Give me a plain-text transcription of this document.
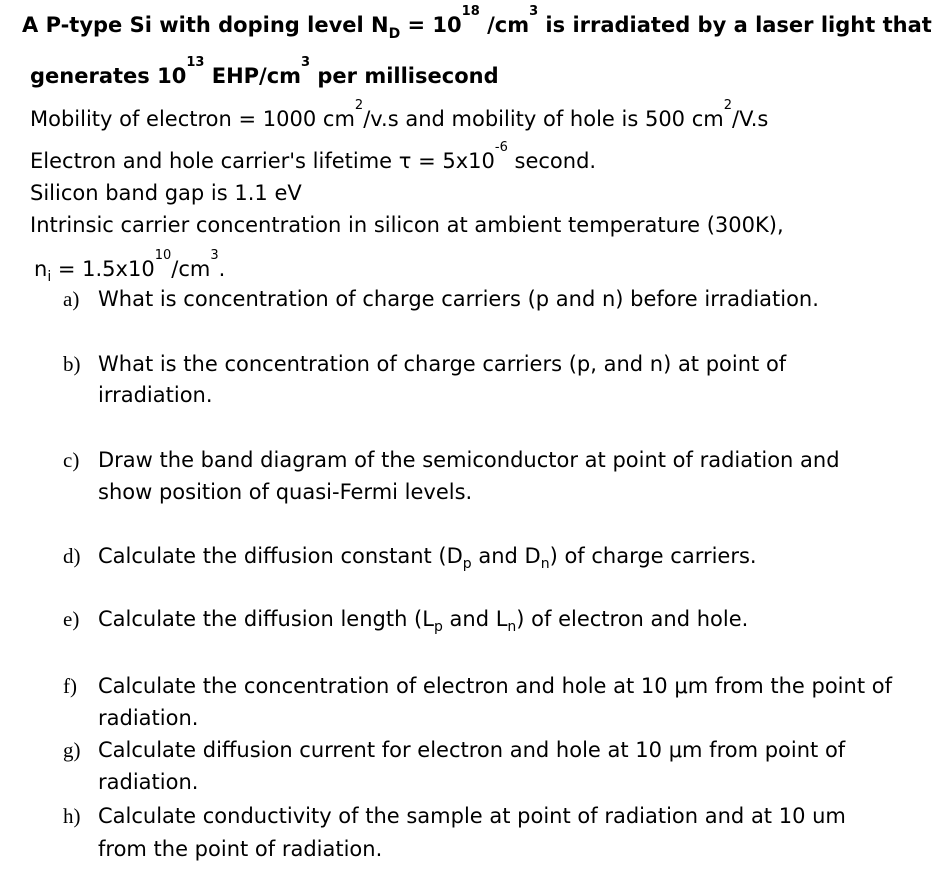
A P-type Si with doping level ND = 1018 /cm3 is irradiated by a laser light that
generates 1013 EHP/cm3 per millisecond
Mobility of electron = 1000 cm2/v.s and mobility of hole is 500 cm2/V.s
Electron and hole carrier's lifetime τ = 5x10-6 second.
Silicon band gap is 1.1 eV
Intrinsic carrier concentration in silicon at ambient temperature (300K),
ni = 1.5x1010/cm3.
a) What is concentration of charge carriers (p and n) before irradiation.
b) What is the concentration of charge carriers (p, and n) at point of
irradiation.
c) Draw the band diagram of the semiconductor at point of radiation and
show position of quasi-Fermi levels.
d) Calculate the diffusion constant (Dp and Dn) of charge carriers.
e) Calculate the diffusion length (Lp and Ln) of electron and hole.
f) Calculate the concentration of electron and hole at 10 μm from the point of
radiation.
g) Calculate diffusion current for electron and hole at 10 μm from point of
radiation.
h) Calculate conductivity of the sample at point of radiation and at 10 um
from the point of radiation.
